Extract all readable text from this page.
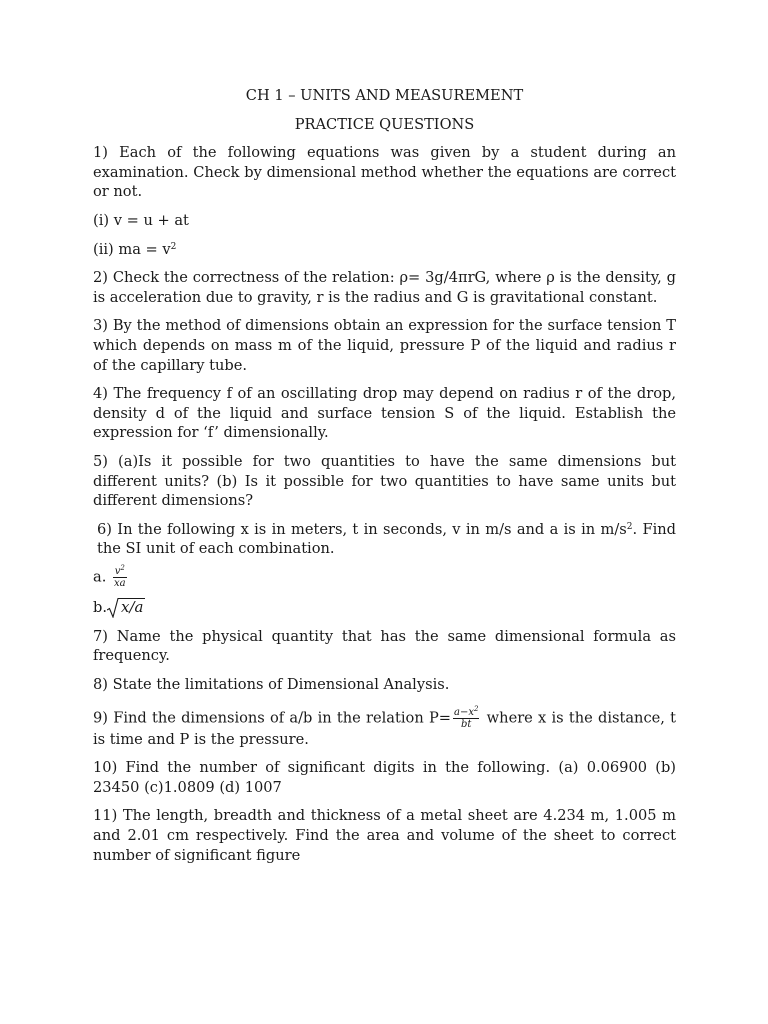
CH 1 – UNITS AND MEASUREMENT
PRACTICE QUESTIONS
1) Each of the following equations was given by a student during an examination. Check by dimensional method whether the equations are correct or not.
(i) v = u + at
(ii) ma = $v^2$
2) Check the correctness of the relation: ρ= 3g/4πrG, where ρ is the density, g is acceleration due to gravity, r is the radius and G is gravitational constant.
3) By the method of dimensions obtain an expression for the surface tension T which depends on mass m of the liquid, pressure P of the liquid and radius r of the capillary tube.
4) The frequency f of an oscillating drop may depend on radius r of the drop, density d of the liquid and surface tension S of the liquid. Establish the expression for ‘f’ dimensionally.
5) (a)Is it possible for two quantities to have the same dimensions but different units? (b) Is it possible for two quantities to have same units but different dimensions?
6) In the following x is in meters, t in seconds, v in m/s and a is in $m/s^2$. Find the SI unit of each combination.
a. $\frac{v^2}{xa}$
b. x/a
7) Name the physical quantity that has the same dimensional formula as frequency.
8) State the limitations of Dimensional Analysis.
9) Find the dimensions of a/b in the relation $P= \frac{a-x^2}{bt}$ where x is the distance, t is time and P is the pressure.
10) Find the number of significant digits in the following. (a) 0.06900 (b) 23450 (c)1.0809 (d) 1007
11) The length, breadth and thickness of a metal sheet are 4.234 m, 1.005 m and 2.01 cm respectively. Find the area and volume of the sheet to correct number of significant figure
